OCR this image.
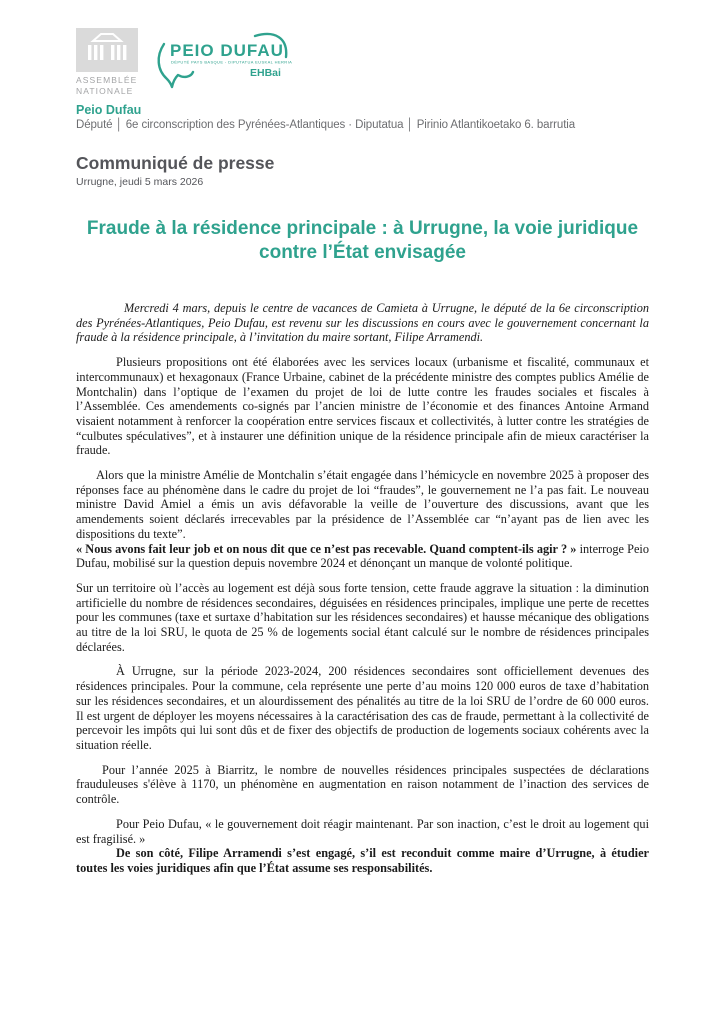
ASSEMBLÉE
NATIONALE
PEIO DUFAU
DÉPUTÉ PAYS BASQUE - DIPUTATUA EUSKAL HERRIA
EHBai
Peio Dufau
Député │ 6e circonscription des Pyrénées-Atlantiques · Diputatua │ Pirinio Atlantikoetako 6. barrutia
Communiqué de presse
Urrugne, jeudi 5 mars 2026
Fraude à la résidence principale : à Urrugne, la voie juridique contre l’État envisagée

Mercredi 4 mars, depuis le centre de vacances de Camieta à Urrugne, le député de la 6e circonscription des Pyrénées-Atlantiques, Peio Dufau, est revenu sur les discussions en cours avec le gouvernement concernant la fraude à la résidence principale, à l’invitation du maire sortant, Filipe Arramendi.

Plusieurs propositions ont été élaborées avec les services locaux (urbanisme et fiscalité, communaux et intercommunaux) et hexagonaux (France Urbaine, cabinet de la précédente ministre des comptes publics Amélie de Montchalin) dans l’optique de l’examen du projet de loi de lutte contre les fraudes sociales et fiscales à l’Assemblée. Ces amendements co-signés par l’ancien ministre de l’économie et des finances Antoine Armand visaient notamment à renforcer la coopération entre services fiscaux et collectivités, à lutter contre les stratégies de “culbutes spéculatives”, et à instaurer une définition unique de la résidence principale afin de mieux caractériser la fraude.

Alors que la ministre Amélie de Montchalin s’était engagée dans l’hémicycle en novembre 2025 à proposer des réponses face au phénomène dans le cadre du projet de loi “fraudes”, le gouvernement ne l’a pas fait. Le nouveau ministre David Amiel a émis un avis défavorable la veille de l’ouverture des discussions, avant que les amendements soient déclarés irrecevables par la présidence de l’Assemblée car “n’ayant pas de lien avec les dispositions du texte”.

« Nous avons fait leur job et on nous dit que ce n’est pas recevable. Quand comptent-ils agir ? » interroge Peio Dufau, mobilisé sur la question depuis novembre 2024 et dénonçant un manque de volonté politique.

Sur un territoire où l’accès au logement est déjà sous forte tension, cette fraude aggrave la situation : la diminution artificielle du nombre de résidences secondaires, déguisées en résidences principales, implique une perte de recettes pour les communes (taxe et surtaxe d’habitation sur les résidences secondaires) et hausse mécanique des obligations au titre de la loi SRU, le quota de 25 % de logements social étant calculé sur le nombre de résidences principales déclarées.

À Urrugne, sur la période 2023-2024, 200 résidences secondaires sont officiellement devenues des résidences principales. Pour la commune, cela représente une perte d’au moins 120 000 euros de taxe d’habitation sur les résidences secondaires, et un alourdissement des pénalités au titre de la loi SRU de l’ordre de 60 000 euros. Il est urgent de déployer les moyens nécessaires à la caractérisation des cas de fraude, permettant à la collectivité de percevoir les impôts qui lui sont dûs et de fixer des objectifs de production de logements sociaux cohérents avec la situation réelle.

Pour l’année 2025 à Biarritz, le nombre de nouvelles résidences principales suspectées de déclarations frauduleuses s'élève à 1170, un phénomène en augmentation en raison notamment de l’inaction des services de contrôle.

Pour Peio Dufau, « le gouvernement doit réagir maintenant. Par son inaction, c’est le droit au logement qui est fragilisé. »

De son côté, Filipe Arramendi s’est engagé, s’il est reconduit comme maire d’Urrugne, à étudier toutes les voies juridiques afin que l’État assume ses responsabilités.
